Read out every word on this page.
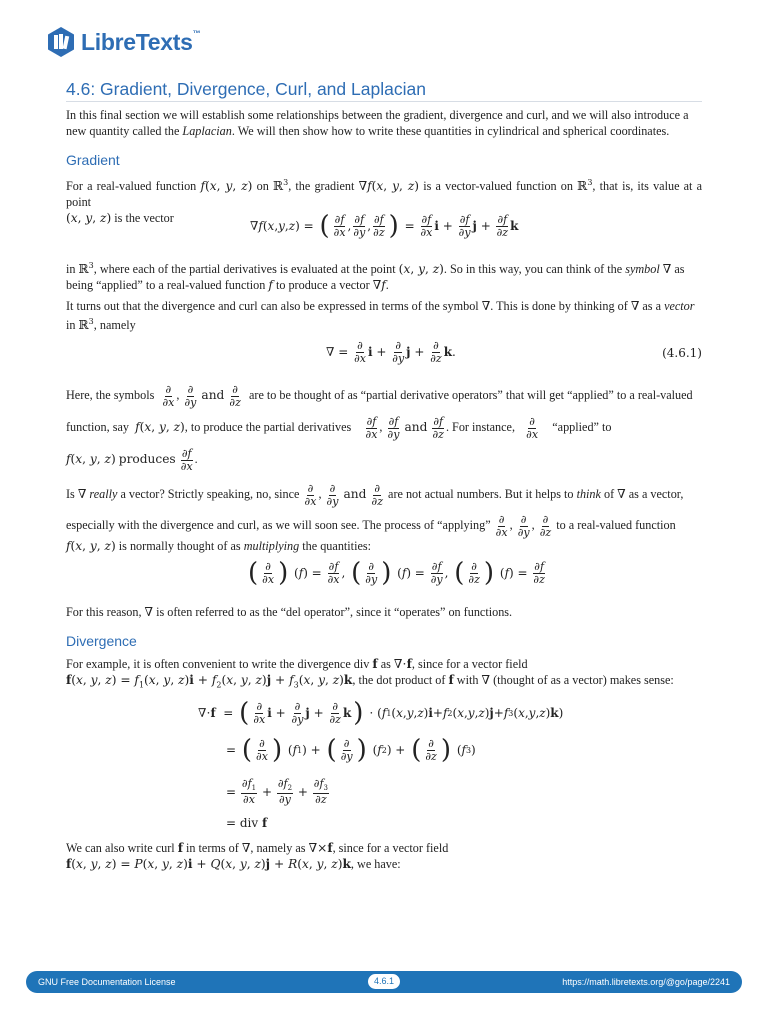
LibreTexts™
4.6: Gradient, Divergence, Curl, and Laplacian
In this final section we will establish some relationships between the gradient, divergence and curl, and we will also introduce a
new quantity called the Laplacian. We will then show how to write these quantities in cylindrical and spherical coordinates.
Gradient
For a real-valued function f(x, y, z) on ℝ$^3$, the gradient ∇f(x, y, z) is a vector-valued function on ℝ$^3$, that is, its value at a point
(x, y, z) is the vector
∇ f ( x , y , z ) = ( $\frac{\partial f}{\partial x}$ , $\frac{\partial f}{\partial y}$ , $\frac{\partial f}{\partial z}$ ) = $\frac{\partial f}{\partial x}$ $i + \frac{\partial f}{\partial y}$ $j + \frac{\partial f}{\partial z}$ k
in ℝ$^3$, where each of the partial derivatives is evaluated at the point (x, y, z). So in this way, you can think of the symbol ∇ as
being “applied” to a real-valued function f to produce a vector ∇f.
It turns out that the divergence and curl can also be expressed in terms of the symbol ∇. This is done by thinking of ∇ as a vector
in ℝ$^3$, namely
∇ = $\frac{\partial}{\partial x}$ $i + \frac{\partial}{\partial y}$ $j + \frac{\partial}{\partial z}$ k .	(4.6.1)
Here, the symbols $\frac{\partial}{\partial x}$ , $\frac{\partial}{\partial y}$ and $\frac{\partial}{\partial z}$ are to be thought of as “partial derivative operators” that will get “applied” to a real-valued
function, say f(x, y, z), to produce the partial derivatives $\frac{\partial f}{\partial x}$ , $\frac{\partial f}{\partial y}$ and $\frac{\partial f}{\partial z}$ . For instance, $\frac{\partial}{\partial x}$ “applied” to
f(x, y, z) produces $\frac{\partial f}{\partial x}$ .
Is ∇ really a vector? Strictly speaking, no, since $\frac{\partial}{\partial x}$ , $\frac{\partial}{\partial y}$ and $\frac{\partial}{\partial z}$ are not actual numbers. But it helps to think of ∇ as a vector,
especially with the divergence and curl, as we will soon see. The process of “applying” $\frac{\partial}{\partial x}$ , $\frac{\partial}{\partial y}$ , $\frac{\partial}{\partial z}$ to a real-valued function
f(x, y, z) is normally thought of as multiplying the quantities:
( $\frac{\partial}{\partial x}$ ) ( f ) = $\frac{\partial f}{\partial x}$ , ( $\frac{\partial}{\partial y}$ ) ( f ) = $\frac{\partial f}{\partial y}$ , ( $\frac{\partial}{\partial z}$ ) ( f ) = $\frac{\partial f}{\partial z}$
For this reason, ∇ is often referred to as the “del operator”, since it “operates” on functions.
Divergence
For example, it is often convenient to write the divergence div f as ∇⋅f, since for a vector field
f(x, y, $z) = f_1(x$, y, $z)i + f_2(x$, y, $z)j + f_3(x$, y, z)k, the dot product of f with ∇ (thought of as a vector) makes sense:
∇⋅ f = ( $\frac{\partial}{\partial x}$ $i + \frac{\partial}{\partial y}$ $j + \frac{\partial}{\partial z}$ k ) ⋅ ( f 1 ( x , y , z ) i + f 2 ( x , y , z ) j + f 3 ( x , y , z ) k )
= ( $\frac{\partial}{\partial x}$ ) ( f 1 ) + ( $\frac{\partial}{\partial y}$ ) ( f 2 ) + ( $\frac{\partial}{\partial z}$ ) ( f 3 )
= $\frac{\partial f_1}{\partial x} + \frac{\partial f_2}{\partial y} + \frac{\partial f_3}{\partial z}$
= div f
We can also write curl f in terms of ∇, namely as ∇×f, since for a vector field
f(x, y, z) = P(x, y, z)i + Q(x, y, z)j + R(x, y, z)k, we have:
GNU Free Documentation License	4.6.1	https://math.libretexts.org/@go/page/2241
